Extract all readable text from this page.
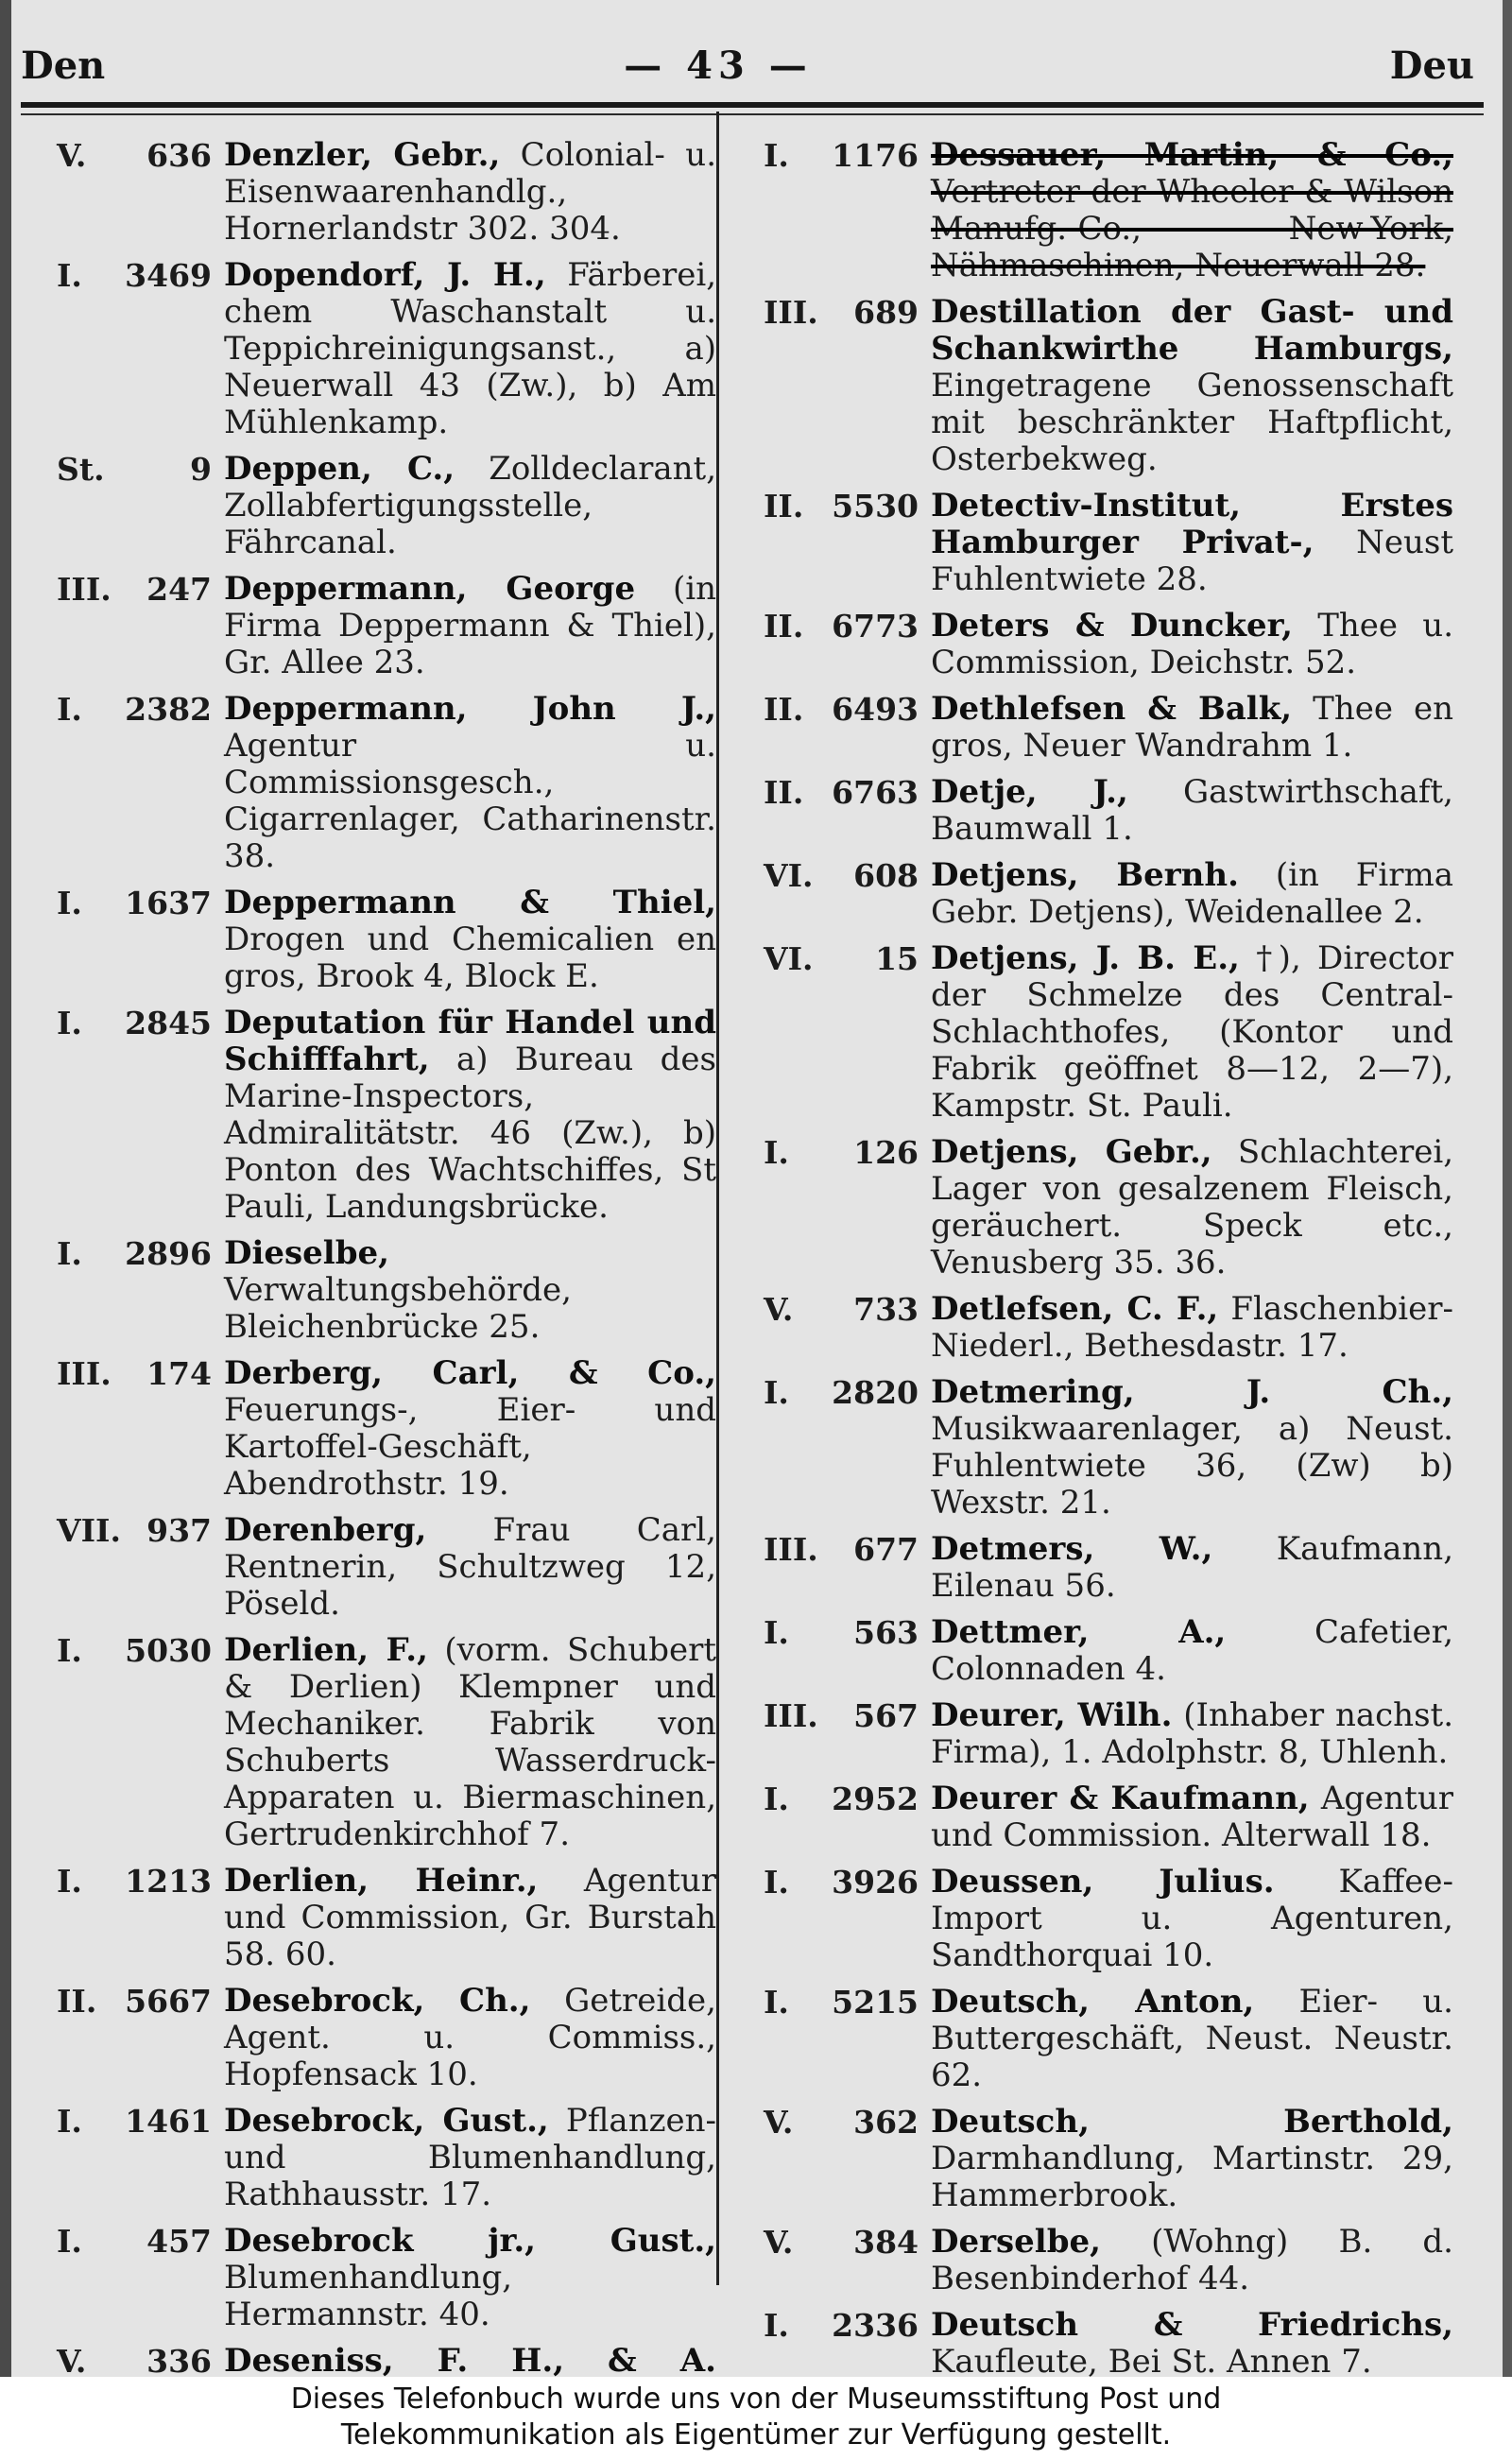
Den	— 43 —	Deu
V. 636 Denzler, Gebr., Colonial- u. Eisenwaarenhandlg., Hornerlandstr 302. 304.
I. 3469 Dopendorf, J. H., Färberei, chem Waschanstalt u. Teppichreinigungsanst., a) Neuerwall 43 (Zw.), b) Am Mühlenkamp.
St.	9 Deppen, C., Zolldeclarant, Zollabfertigungsstelle, Fährcanal.
III. 247 Deppermann, George (in Firma Deppermann & Thiel), Gr. Allee 23.
I. 2382 Deppermann, John J., Agentur u. Commissionsgesch., Cigarrenlager, Catharinenstr. 38.
I. 1637 Deppermann & Thiel, Drogen und Chemicalien en gros, Brook 4, Block E.
I. 2845 Deputation für Handel und Schifffahrt, a) Bureau des Marine-Inspectors, Admiralitätstr. 46 (Zw.), b) Ponton des Wachtschiffes, St Pauli, Landungsbrücke.
I. 2896 Dieselbe, Verwaltungsbehörde, Bleichenbrücke 25.
III. 174 Derberg, Carl, & Co., Feuerungs-, Eier- und Kartoffel-Geschäft, Abendrothstr. 19.
VII. 937 Derenberg, Frau Carl, Rentnerin, Schultzweg 12, Pöseld.
I. 5030 Derlien, F., (vorm. Schubert & Derlien) Klempner und Mechaniker. Fabrik von Schuberts Wasserdruck-Apparaten u. Biermaschinen, Gertrudenkirchhof 7.
I. 1213 Derlien, Heinr., Agentur und Commission, Gr. Burstah 58. 60.
II. 5667 Desebrock, Ch., Getreide, Agent. u. Commiss., Hopfensack 10.
I. 1461 Desebrock, Gust., Pflanzen- und Blumenhandlung, Rathhausstr. 17.
I. 457 Desebrock jr., Gust., Blumenhandlung, Hermannstr. 40.
V. 336 Deseniss, F. H., & A.
I. 1176 Dessauer, Martin, & Co., Vertreter der Wheeler & Wilson Manufg.-Co., New-York, Nähmaschinen, Neuerwall 28.
III. 689 Destillation der Gast- und Schankwirthe Hamburgs, Eingetragene Genossenschaft mit beschränkter Haftpflicht, Osterbekweg.
II. 5530 Detectiv-Institut, Erstes Hamburger Privat-, Neust Fuhlentwiete 28.
II. 6773 Deters & Duncker, Thee u. Commission, Deichstr. 52.
II. 6493 Dethlefsen & Balk, Thee en gros, Neuer Wandrahm 1.
II. 6763 Detje, J., Gastwirthschaft, Baumwall 1.
VI. 608 Detjens, Bernh. (in Firma Gebr. Detjens), Weidenallee 2.
VI. 15 Detjens, J. B. E., †), Director der Schmelze des Central-Schlachthofes, (Kontor und Fabrik geöffnet 8—12, 2—7), Kampstr. St. Pauli.
I. 126 Detjens, Gebr., Schlachterei, Lager von gesalzenem Fleisch, geräuchert. Speck etc., Venusberg 35. 36.
V. 733 Detlefsen, C. F., Flaschenbier-Niederl., Bethesdastr. 17.
I. 2820 Detmering, J. Ch., Musikwaarenlager, a) Neust. Fuhlentwiete 36, (Zw) b) Wexstr. 21.
III. 677 Detmers, W., Kaufmann, Eilenau 56.
I. 563 Dettmer, A., Cafetier, Colonnaden 4.
III. 567 Deurer, Wilh. (Inhaber nachst. Firma), 1. Adolphstr. 8, Uhlenh.
I. 2952 Deurer & Kaufmann, Agentur und Commission. Alterwall 18.
I. 3926 Deussen, Julius. Kaffee-Import u. Agenturen, Sandthorquai 10.
I. 5215 Deutsch, Anton, Eier- u. Buttergeschäft, Neust. Neustr. 62.
V. 362 Deutsch, Berthold, Darmhandlung, Martinstr. 29, Hammerbrook.
V. 384 Derselbe, (Wohng) B. d. Besenbinderhof 44.
I. 2336 Deutsch & Friedrichs, Kaufleute, Bei St. Annen 7.
Dieses Telefonbuch wurde uns von der Museumsstiftung Post und
Telekommunikation als Eigentümer zur Verfügung gestellt.
